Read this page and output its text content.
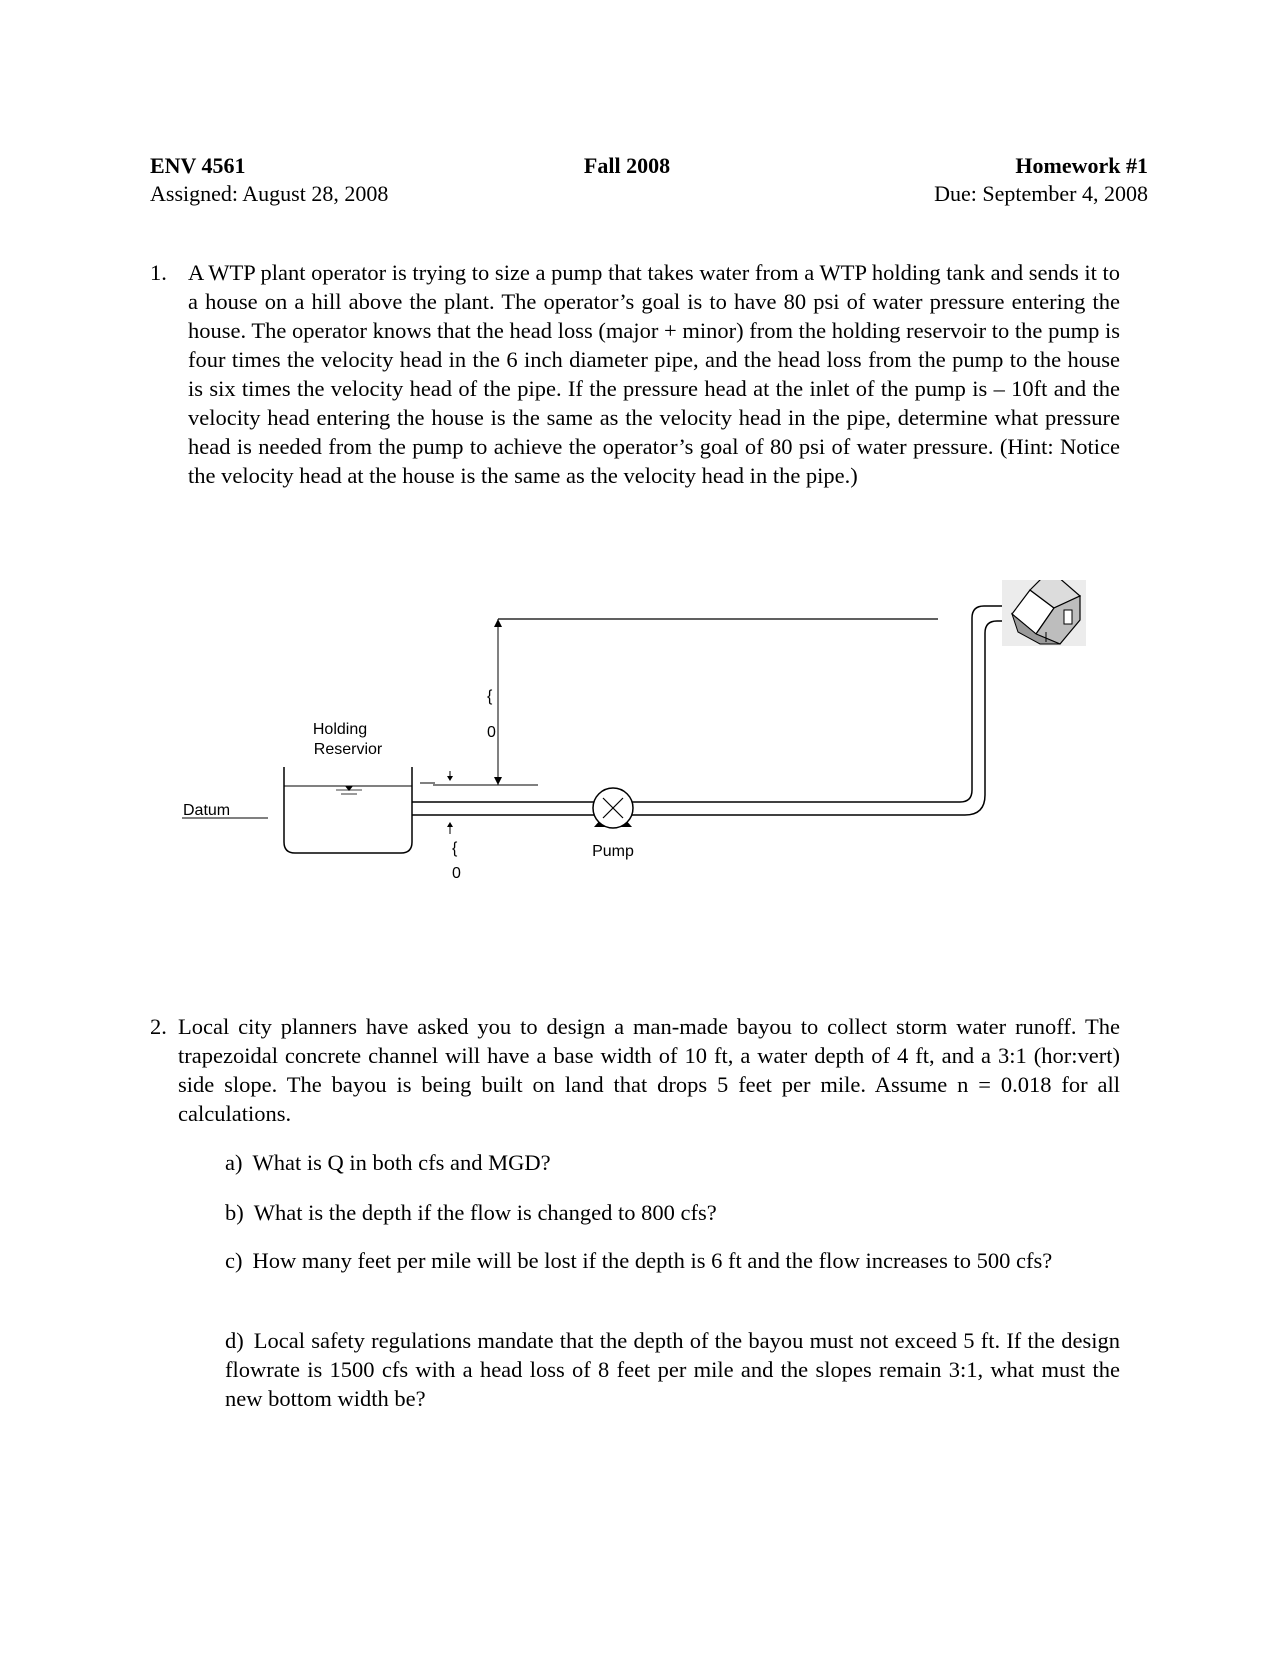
ENV 4561
Assigned: August 28, 2008
Fall 2008	Homework #1
Due: September 4, 2008
1. A WTP plant operator is trying to size a pump that takes water from a WTP holding tank and sends it to a house on a hill above the plant. The operator’s goal is to have 80 psi of water pressure entering the house. The operator knows that the head loss (major + minor) from the holding reservoir to the pump is four times the velocity head in the 6 inch diameter pipe, and the head loss from the pump to the house is six times the velocity head of the pipe. If the pressure head at the inlet of the pump is – 10ft and the velocity head entering the house is the same as the velocity head in the pipe, determine what pressure head is needed from the pump to achieve the operator’s goal of 80 psi of water pressure. (Hint: Notice the velocity head at the house is the same as the velocity head in the pipe.)
{
0
Holding
Reservior
Datum
{
0
Pump
2. Local city planners have asked you to design a man-made bayou to collect storm water runoff. The trapezoidal concrete channel will have a base width of 10 ft, a water depth of 4 ft, and a 3:1 (hor:vert) side slope. The bayou is being built on land that drops 5 feet per mile. Assume n = 0.018 for all calculations.
a) What is Q in both cfs and MGD?
b) What is the depth if the flow is changed to 800 cfs?
c) How many feet per mile will be lost if the depth is 6 ft and the flow increases to 500 cfs?
d) Local safety regulations mandate that the depth of the bayou must not exceed 5 ft. If the design flowrate is 1500 cfs with a head loss of 8 feet per mile and the slopes remain 3:1, what must the new bottom width be?
